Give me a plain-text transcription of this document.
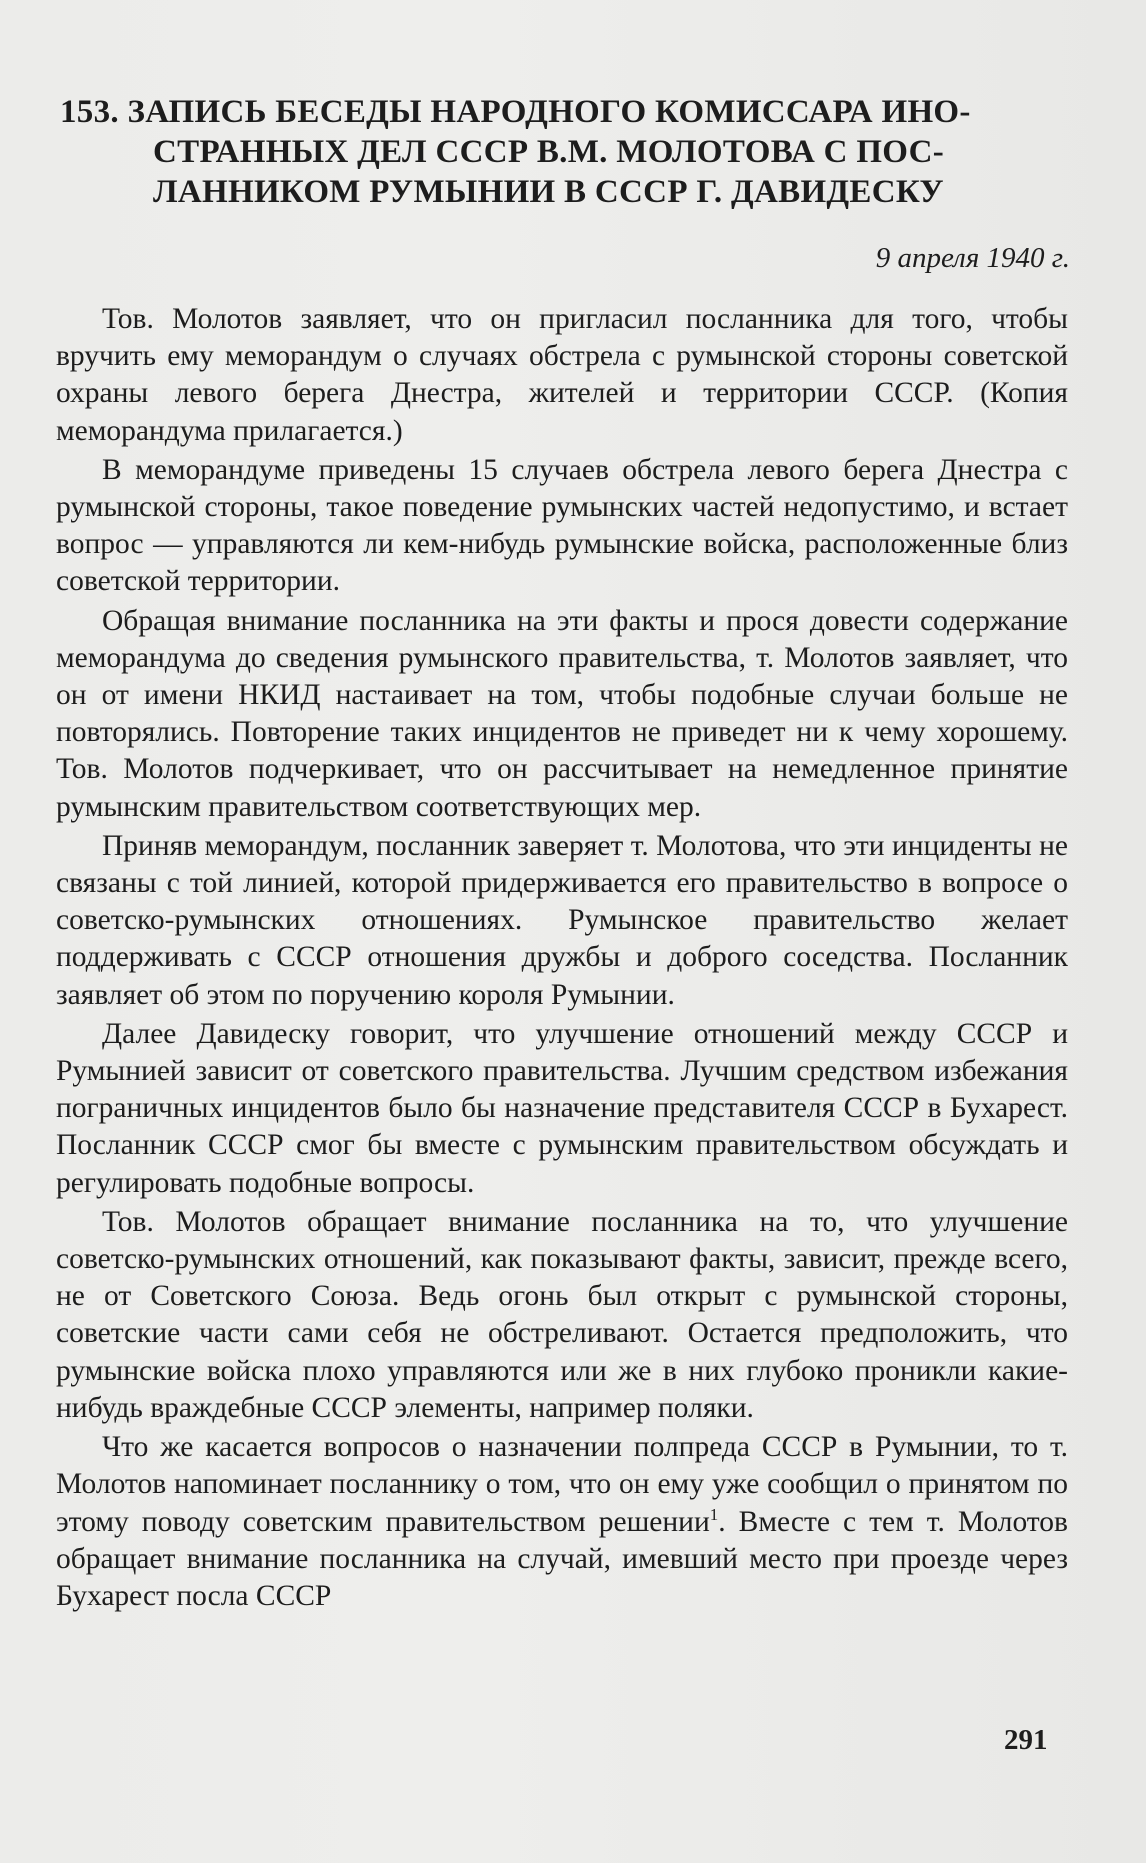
153. ЗАПИСЬ БЕСЕДЫ НАРОДНОГО КОМИССАРА ИНО-
СТРАННЫХ ДЕЛ СССР В.М. МОЛОТОВА С ПОС-
ЛАННИКОМ РУМЫНИИ В СССР Г. ДАВИДЕСКУ
9 апреля 1940 г.

Тов. Молотов заявляет, что он пригласил посланника для того, чтобы вручить ему меморандум о случаях обстрела с румынской стороны советской охраны левого берега Днестра, жителей и территории СССР. (Копия меморандума прилагается.)

В меморандуме приведены 15 случаев обстрела левого берега Днестра с румынской стороны, такое поведение румынских частей недопустимо, и встает вопрос — управляются ли кем-нибудь румынские войска, расположенные близ советской территории.

Обращая внимание посланника на эти факты и прося довести содержание меморандума до сведения румынского правительства, т. Молотов заявляет, что он от имени НКИД настаивает на том, чтобы подобные случаи больше не повторялись. Повторение таких инцидентов не приведет ни к чему хорошему. Тов. Молотов подчеркивает, что он рассчитывает на немедленное принятие румынским правительством соответствующих мер.

Приняв меморандум, посланник заверяет т. Молотова, что эти инциденты не связаны с той линией, которой придерживается его правительство в вопросе о советско-румынских отношениях. Румынское правительство желает поддерживать с СССР отношения дружбы и доброго соседства. Посланник заявляет об этом по поручению короля Румынии.

Далее Давидеску говорит, что улучшение отношений между СССР и Румынией зависит от советского правительства. Лучшим средством избежания пограничных инцидентов было бы назначение представителя СССР в Бухарест. Посланник СССР смог бы вместе с румынским правительством обсуждать и регулировать подобные вопросы.

Тов. Молотов обращает внимание посланника на то, что улучшение советско-румынских отношений, как показывают факты, зависит, прежде всего, не от Советского Союза. Ведь огонь был открыт с румынской стороны, советские части сами себя не обстреливают. Остается предположить, что румынские войска плохо управляются или же в них глубоко проникли какие-нибудь враждебные СССР элементы, например поляки.

Что же касается вопросов о назначении полпреда СССР в Румынии, то т. Молотов напоминает посланнику о том, что он ему уже сообщил о принятом по этому поводу советским правительством решении$^1$. Вместе с тем т. Молотов обращает внимание посланника на случай, имевший место при проезде через Бухарест посла СССР

291
